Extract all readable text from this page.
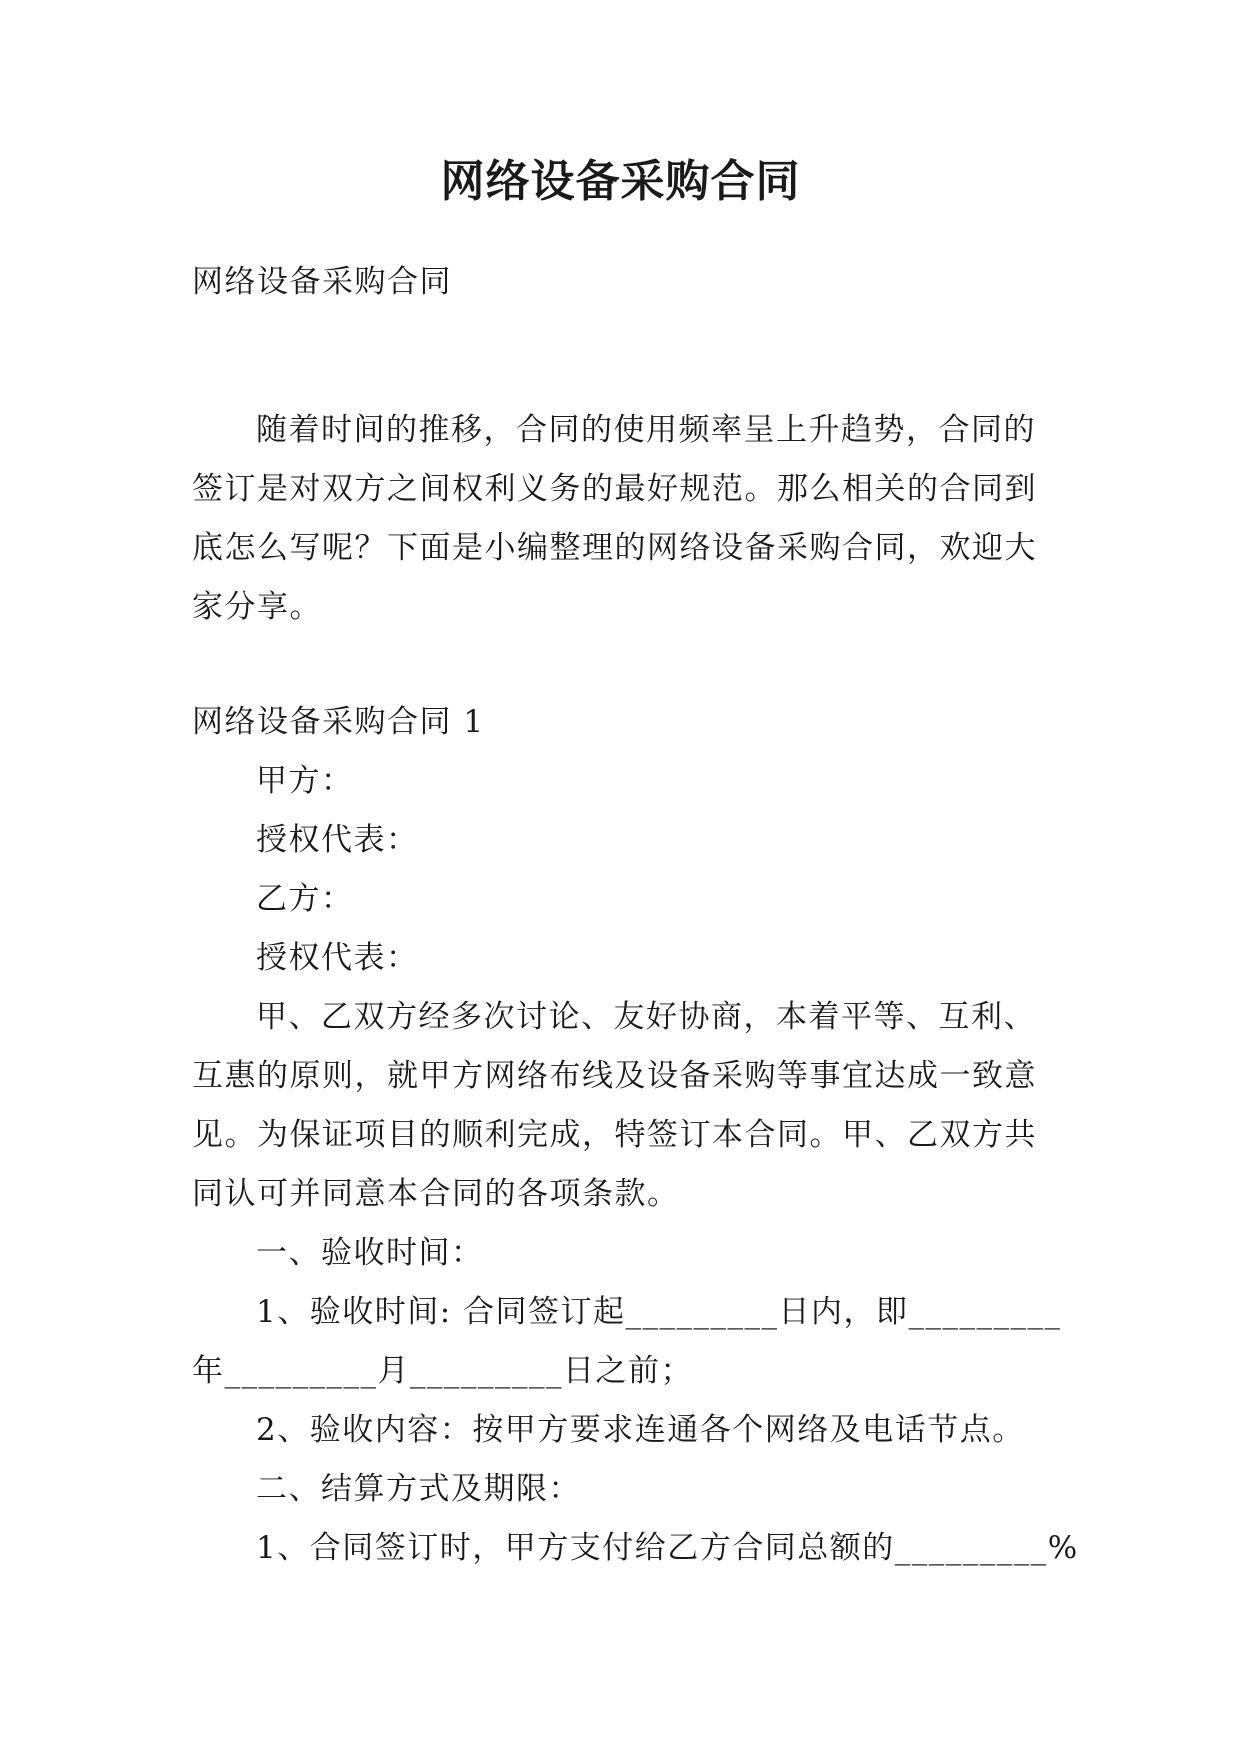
网络设备采购合同

网络设备采购合同

随着时间的推移，合同的使用频率呈上升趋势，合同的

签订是对双方之间权利义务的最好规范。那么相关的合同到

底怎么写呢？下面是小编整理的网络设备采购合同，欢迎大

家分享。

网络设备采购合同 1

甲方：

授权代表：

乙方：

授权代表：

甲、乙双方经多次讨论、友好协商，本着平等、互利、

互惠的原则，就甲方网络布线及设备采购等事宜达成一致意

见。为保证项目的顺利完成，特签订本合同。甲、乙双方共

同认可并同意本合同的各项条款。

一、验收时间：

1、验收时间: 合同签订起_________日内，即_________

年_________月_________日之前；

2、验收内容：按甲方要求连通各个网络及电话节点。

二、结算方式及期限：

1、合同签订时，甲方支付给乙方合同总额的_________%
